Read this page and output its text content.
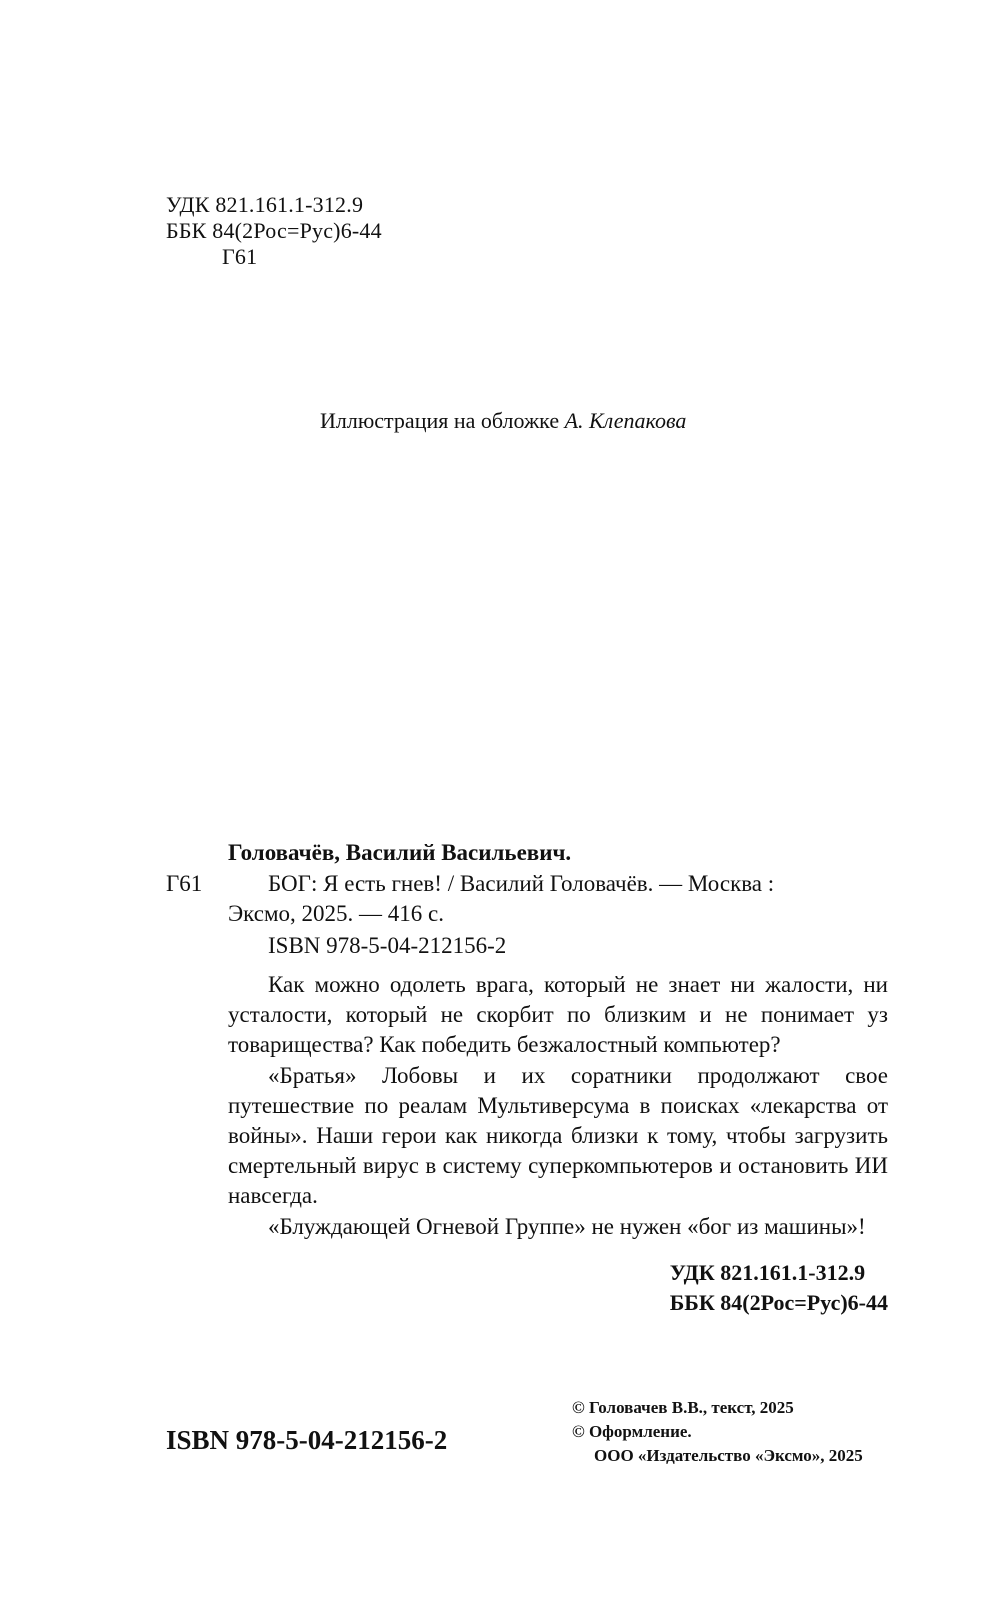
УДК 821.161.1-312.9
ББК 84(2Рос=Рус)6-44
Г61
Иллюстрация на обложке А. Клепакова
Головачёв, Василий Васильевич.
Г61	БОГ: Я есть гнев! / Василий Головачёв. — Москва :
Эксмо, 2025. — 416 с.
ISBN 978-5-04-212156-2

Как можно одолеть врага, который не знает ни жалости, ни усталости, который не скорбит по близким и не понимает уз товарищества? Как победить безжалостный компьютер?

«Братья» Лобовы и их соратники продолжают свое путешествие по реалам Мультиверсума в поисках «лекарства от войны». Наши герои как никогда близки к тому, чтобы загрузить смертельный вирус в систему суперкомпьютеров и остановить ИИ навсегда.

«Блуждающей Огневой Группе» не нужен «бог из машины»!

УДК 821.161.1-312.9
ББК 84(2Рос=Рус)6-44
© Головачев В.В., текст, 2025
© Оформление.
ООО «Издательство «Эксмо», 2025
ISBN 978-5-04-212156-2
